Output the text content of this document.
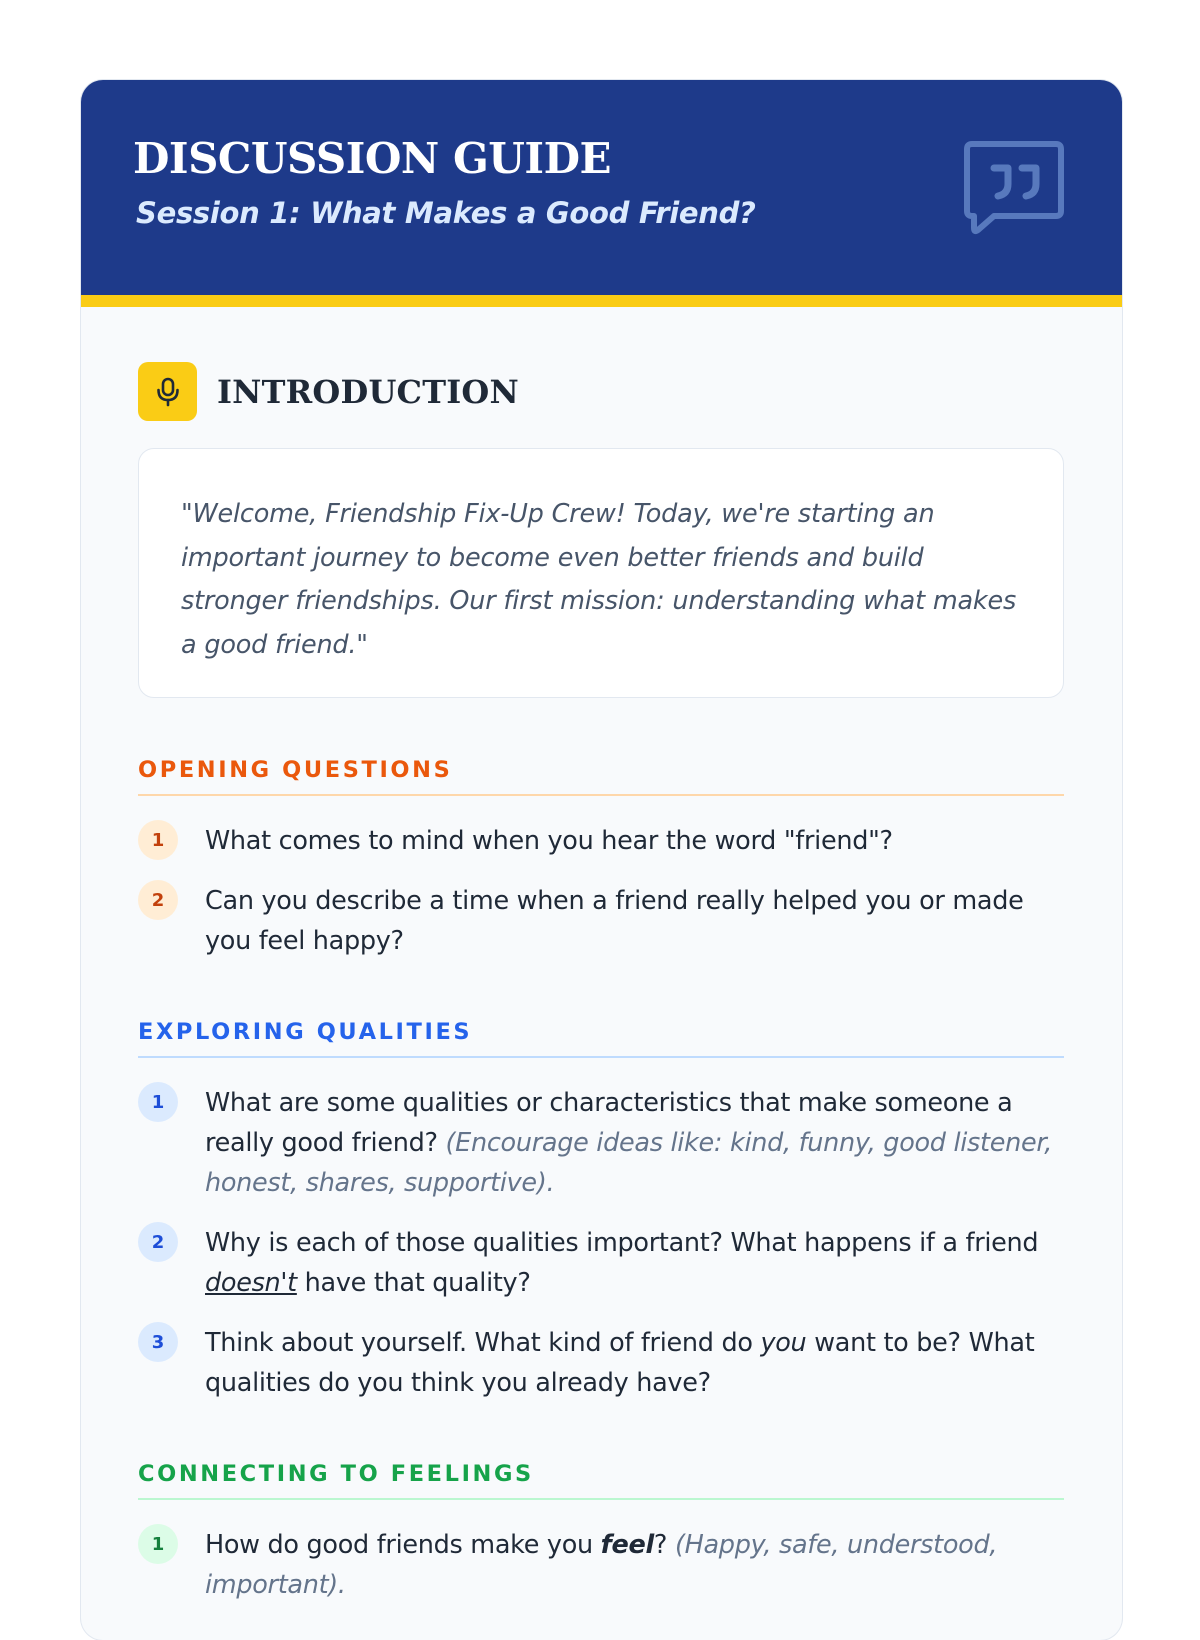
DISCUSSION GUIDE
Session 1: What Makes a Good Friend?
INTRODUCTION

"Welcome, Friendship Fix-Up Crew! Today, we're starting an important journey to become even better friends and build stronger friendships. Our first mission: understanding what makes a good friend."

OPENING QUESTIONS

1	What comes to mind when you hear the word "friend"?
2	Can you describe a time when a friend really helped you or made you feel happy?

EXPLORING QUALITIES

1	What are some qualities or characteristics that make someone a really good friend? (Encourage ideas like: kind, funny, good listener, honest, shares, supportive).
2	Why is each of those qualities important? What happens if a friend doesn't have that quality?
3	Think about yourself. What kind of friend do you want to be? What qualities do you think you already have?

CONNECTING TO FEELINGS

1	How do good friends make you feel? (Happy, safe, understood, important).
